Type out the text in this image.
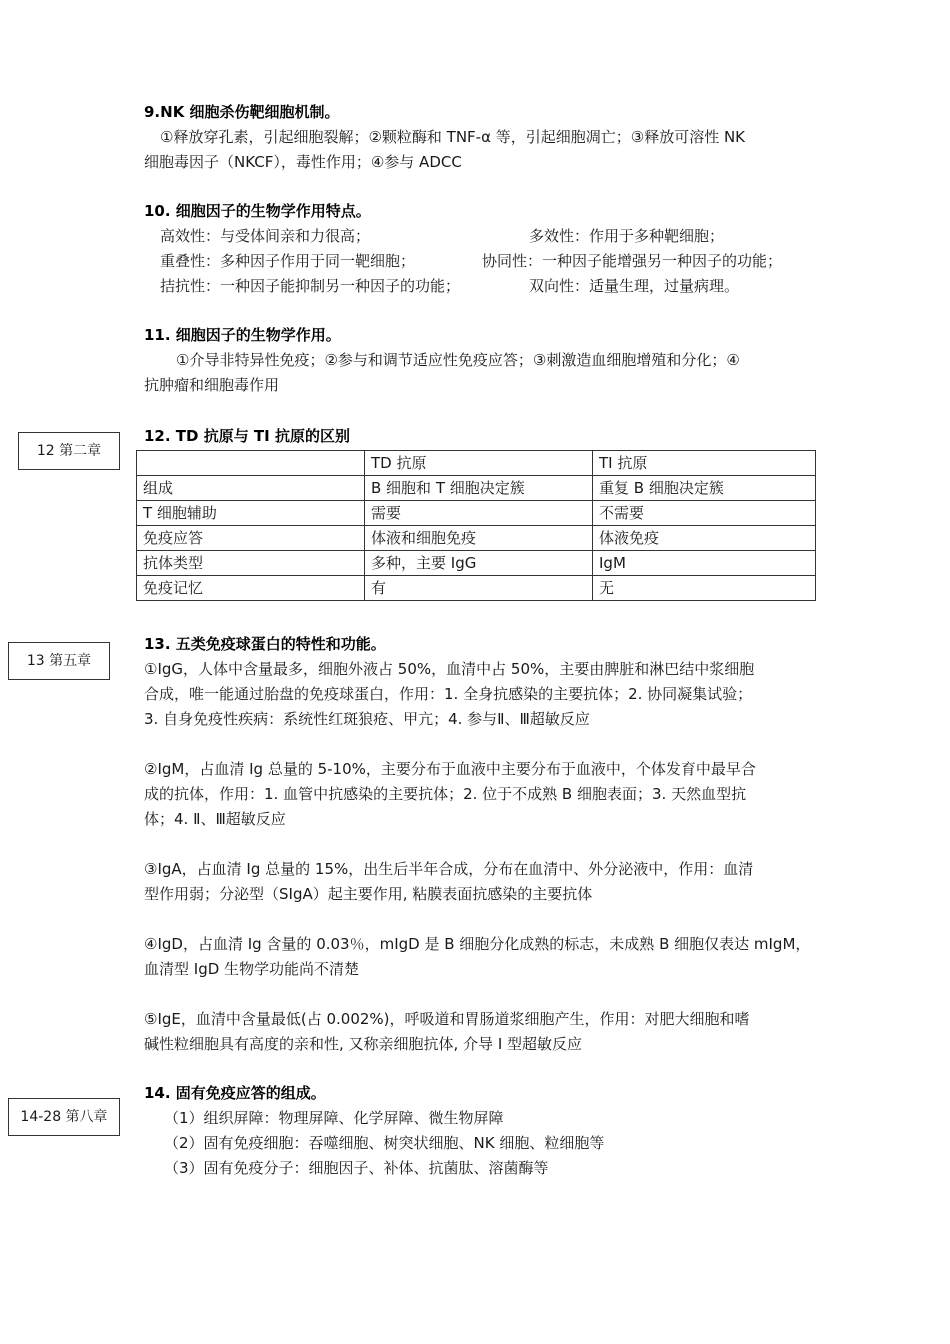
9.NK 细胞杀伤靶细胞机制。
①释放穿孔素，引起细胞裂解；②颗粒酶和 TNF-α 等，引起细胞凋亡；③释放可溶性 NK
细胞毒因子（NKCF），毒性作用；④参与 ADCC
10. 细胞因子的生物学作用特点。
高效性：与受体间亲和力很高；	多效性：作用于多种靶细胞；
重叠性：多种因子作用于同一靶细胞；	协同性：一种因子能增强另一种因子的功能；
拮抗性：一种因子能抑制另一种因子的功能；	双向性：适量生理，过量病理。
11. 细胞因子的生物学作用。
①介导非特异性免疫；②参与和调节适应性免疫应答；③刺激造血细胞增殖和分化；④
抗肿瘤和细胞毒作用
12 第二章
12. TD 抗原与 TI 抗原的区别
	TD 抗原	TI 抗原
组成	B 细胞和 T 细胞决定簇	重复 B 细胞决定簇
T 细胞辅助	需要	不需要
免疫应答	体液和细胞免疫	体液免疫
抗体类型	多种，主要 IgG	IgM
免疫记忆	有	无
13 第五章
13. 五类免疫球蛋白的特性和功能。
①IgG，人体中含量最多，细胞外液占 50%，血清中占 50%，主要由脾脏和淋巴结中浆细胞
合成，唯一能通过胎盘的免疫球蛋白，作用：1. 全身抗感染的主要抗体；2. 协同凝集试验；
3. 自身免疫性疾病：系统性红斑狼疮、甲亢；4. 参与Ⅱ、Ⅲ超敏反应
②IgM，占血清 Ig 总量的 5-10%，主要分布于血液中主要分布于血液中，个体发育中最早合
成的抗体，作用：1. 血管中抗感染的主要抗体；2. 位于不成熟 B 细胞表面；3. 天然血型抗
体；4. Ⅱ、Ⅲ超敏反应
③IgA，占血清 Ig 总量的 15%，出生后半年合成，分布在血清中、外分泌液中，作用：血清
型作用弱；分泌型（SIgA）起主要作用, 粘膜表面抗感染的主要抗体
④IgD，占血清 Ig 含量的 0.03％，mIgD 是 B 细胞分化成熟的标志，未成熟 B 细胞仅表达 mIgM，
血清型 IgD 生物学功能尚不清楚
⑤IgE，血清中含量最低(占 0.002%)，呼吸道和胃肠道浆细胞产生，作用：对肥大细胞和嗜
碱性粒细胞具有高度的亲和性, 又称亲细胞抗体, 介导 I 型超敏反应
14-28 第八章
14. 固有免疫应答的组成。
（1）组织屏障：物理屏障、化学屏障、微生物屏障
（2）固有免疫细胞：吞噬细胞、树突状细胞、NK 细胞、粒细胞等
（3）固有免疫分子：细胞因子、补体、抗菌肽、溶菌酶等
